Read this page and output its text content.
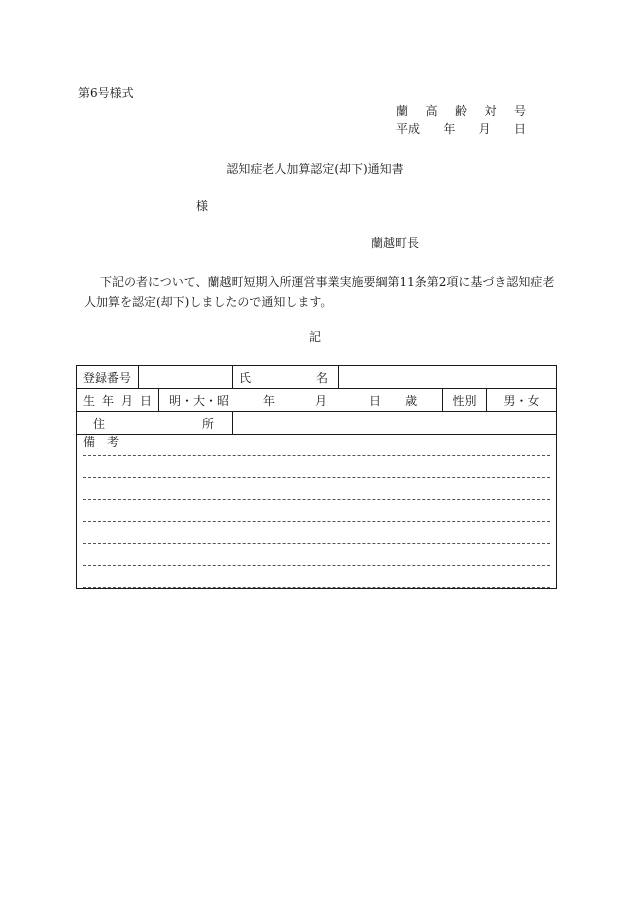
第6号様式
蘭 高 齢 対 号
平成 年 月 日
認知症老人加算認定(却下)通知書
様
蘭越町長
下記の者について、蘭越町短期入所運営事業実施要綱第11条第2項に基づき認知症老人加算を認定(却下)しましたので通知します。
記
登録番号			氏 名			

生 年 月 日		明・大・昭 年 月 日 歳			性別	男・女

住 所						

備 考						
